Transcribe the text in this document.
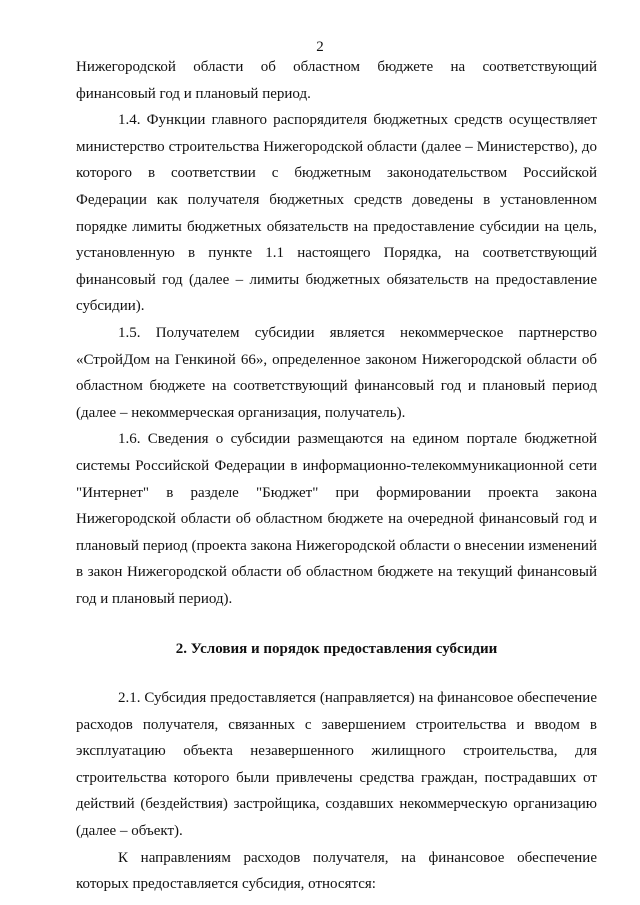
2

Нижегородской области об областном бюджете на соответствующий финансовый год и плановый период.

1.4. Функции главного распорядителя бюджетных средств осуществляет министерство строительства Нижегородской области (далее – Министерство), до которого в соответствии с бюджетным законодательством Российской Федерации как получателя бюджетных средств доведены в установленном порядке лимиты бюджетных обязательств на предоставление субсидии на цель, установленную в пункте 1.1 настоящего Порядка, на соответствующий финансовый год (далее – лимиты бюджетных обязательств на предоставление субсидии).

1.5. Получателем субсидии является некоммерческое партнерство «СтройДом на Генкиной 66», определенное законом Нижегородской области об областном бюджете на соответствующий финансовый год и плановый период (далее – некоммерческая организация, получатель).

1.6. Сведения о субсидии размещаются на едином портале бюджетной системы Российской Федерации в информационно-телекоммуникационной сети "Интернет" в разделе "Бюджет" при формировании проекта закона Нижегородской области об областном бюджете на очередной финансовый год и плановый период (проекта закона Нижегородской области о внесении изменений в закон Нижегородской области об областном бюджете на текущий финансовый год и плановый период).

2. Условия и порядок предоставления субсидии

2.1. Субсидия предоставляется (направляется) на финансовое обеспечение расходов получателя, связанных с завершением строительства и вводом в эксплуатацию объекта незавершенного жилищного строительства, для строительства которого были привлечены средства граждан, пострадавших от действий (бездействия) застройщика, создавших некоммерческую организацию (далее – объект).

К направлениям расходов получателя, на финансовое обеспечение которых предоставляется субсидия, относятся:
